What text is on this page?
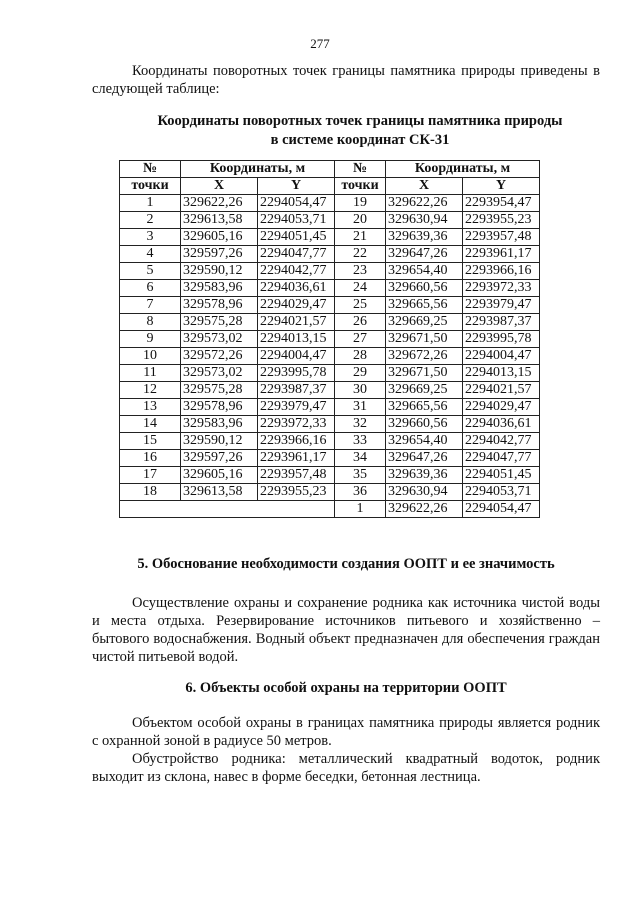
277
Координаты поворотных точек границы памятника природы приведены в следующей таблице:
Координаты поворотных точек границы памятника природы
в системе координат СК-31
№	Координаты, м		№	Координаты, м	
точки	X	Y	точки	X	Y
1	329622,26	2294054,47	19	329622,26	2293954,47
2	329613,58	2294053,71	20	329630,94	2293955,23
3	329605,16	2294051,45	21	329639,36	2293957,48
4	329597,26	2294047,77	22	329647,26	2293961,17
5	329590,12	2294042,77	23	329654,40	2293966,16
6	329583,96	2294036,61	24	329660,56	2293972,33
7	329578,96	2294029,47	25	329665,56	2293979,47
8	329575,28	2294021,57	26	329669,25	2293987,37
9	329573,02	2294013,15	27	329671,50	2293995,78
10	329572,26	2294004,47	28	329672,26	2294004,47
11	329573,02	2293995,78	29	329671,50	2294013,15
12	329575,28	2293987,37	30	329669,25	2294021,57
13	329578,96	2293979,47	31	329665,56	2294029,47
14	329583,96	2293972,33	32	329660,56	2294036,61
15	329590,12	2293966,16	33	329654,40	2294042,77
16	329597,26	2293961,17	34	329647,26	2294047,77
17	329605,16	2293957,48	35	329639,36	2294051,45
18	329613,58	2293955,23	36	329630,94	2294053,71
			1	329622,26	2294054,47
5. Обоснование необходимости создания ООПТ и ее значимость
Осуществление охраны и сохранение родника как источника чистой воды и места отдыха. Резервирование источников питьевого и хозяйственно – бытового водоснабжения. Водный объект предназначен для обеспечения граждан чистой питьевой водой.
6. Объекты особой охраны на территории ООПТ
Объектом особой охраны в границах памятника природы является родник с охранной зоной в радиусе 50 метров.
Обустройство родника: металлический квадратный водоток, родник выходит из склона, навес в форме беседки, бетонная лестница.
